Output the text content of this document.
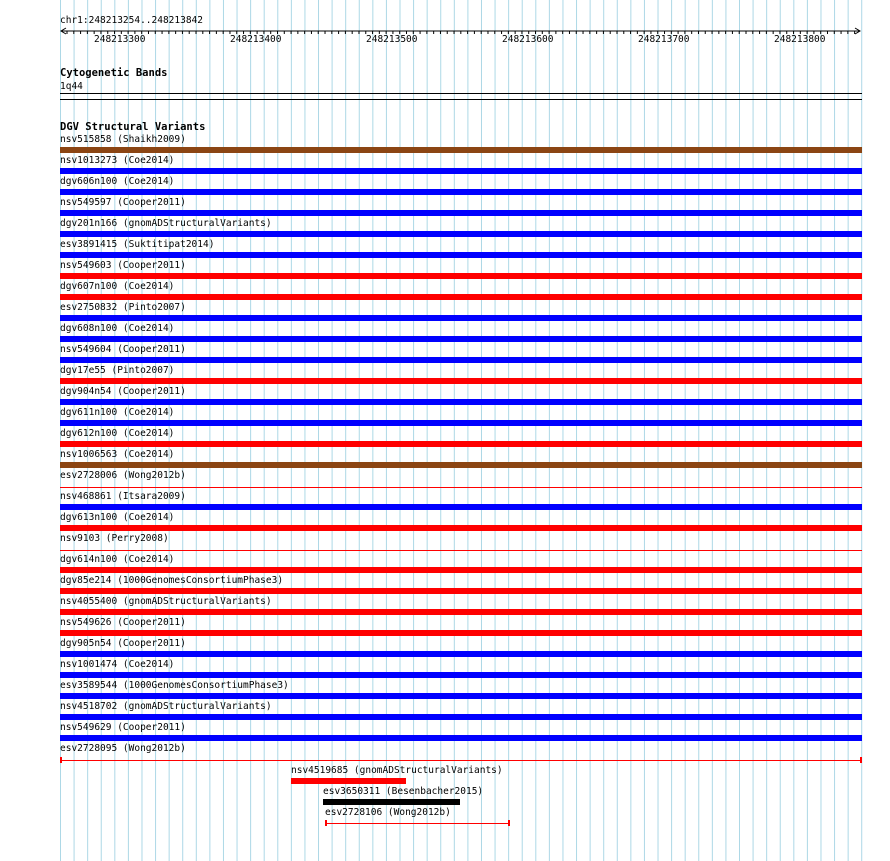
chr1:248213254..248213842
248213300	248213400	248213500	248213600	248213700	248213800
Cytogenetic Bands
1q44
DGV Structural Variants
nsv515858 (Shaikh2009)
nsv1013273 (Coe2014)
dgv606n100 (Coe2014)
nsv549597 (Cooper2011)
dgv201n166 (gnomADStructuralVariants)
esv3891415 (Suktitipat2014)
nsv549603 (Cooper2011)
dgv607n100 (Coe2014)
esv2750832 (Pinto2007)
dgv608n100 (Coe2014)
nsv549604 (Cooper2011)
dgv17e55 (Pinto2007)
dgv904n54 (Cooper2011)
dgv611n100 (Coe2014)
dgv612n100 (Coe2014)
nsv1006563 (Coe2014)
esv2728006 (Wong2012b)
nsv468861 (Itsara2009)
dgv613n100 (Coe2014)
nsv9103 (Perry2008)
dgv614n100 (Coe2014)
dgv85e214 (1000GenomesConsortiumPhase3)
nsv4055400 (gnomADStructuralVariants)
nsv549626 (Cooper2011)
dgv905n54 (Cooper2011)
nsv1001474 (Coe2014)
esv3589544 (1000GenomesConsortiumPhase3)
nsv4518702 (gnomADStructuralVariants)
nsv549629 (Cooper2011)
esv2728095 (Wong2012b)
nsv4519685 (gnomADStructuralVariants)
esv3650311 (Besenbacher2015)
esv2728106 (Wong2012b)
